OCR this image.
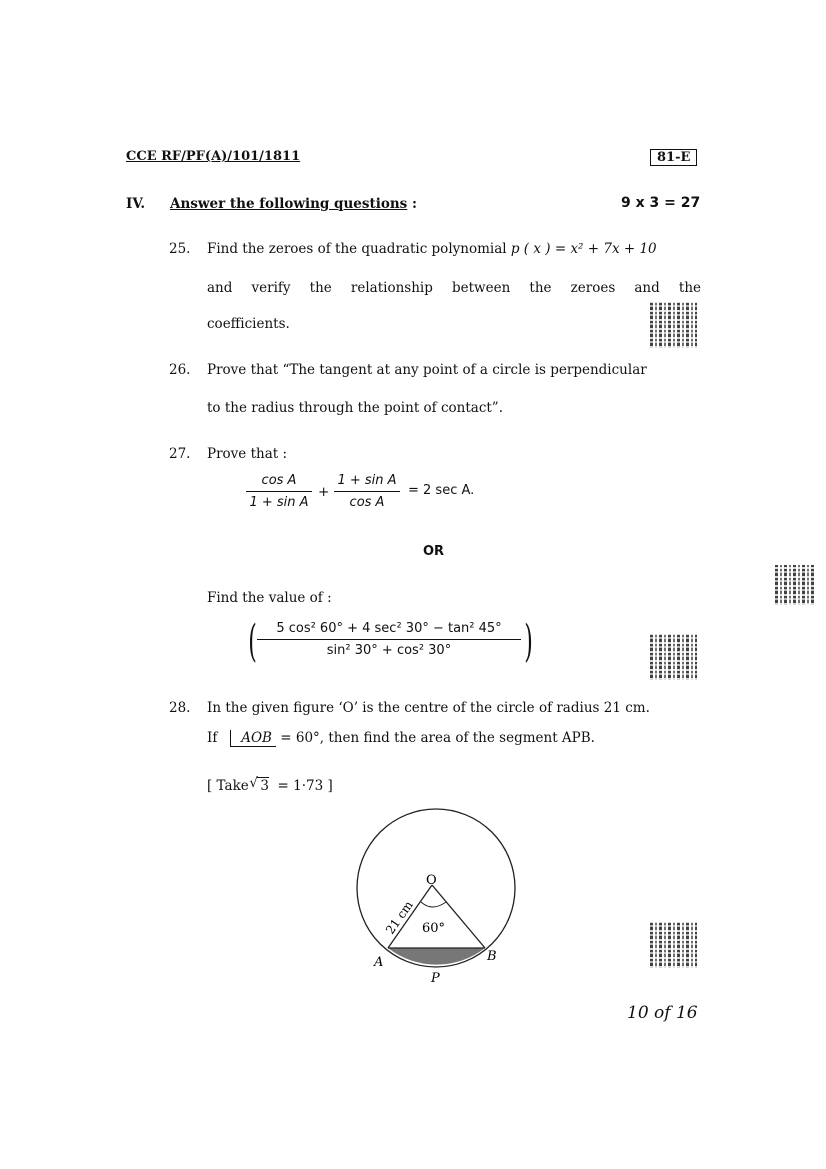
CCE RF/PF(A)/101/1811	81-E
IV. Answer the following questions :	9 x 3 = 27
25. Find the zeroes of the quadratic polynomial p ( x ) = x² + 7x + 10
and verify the relationship between the zeroes and the
coefficients.
26. Prove that “The tangent at any point of a circle is perpendicular
to the radius through the point of contact”.
27. Prove that :
$\frac{\text{cos A}}{\text{1 + sin A}} + \frac{\text{1 + sin A}}{\text{cos A}} = 2$ sec A.
OR
Find the value of :
(	5 cos² 60° + 4 sec² 30° − tan² 45°
sin² 30° + cos² 30°	)
28. In the given figure ‘O’ is the centre of the circle of radius 21 cm.
If AOB = 60°, then find the area of the segment APB.
[ Take √ 3 = 1·73 ]
O
A	B
P
60°
21 cm
10 of 16
